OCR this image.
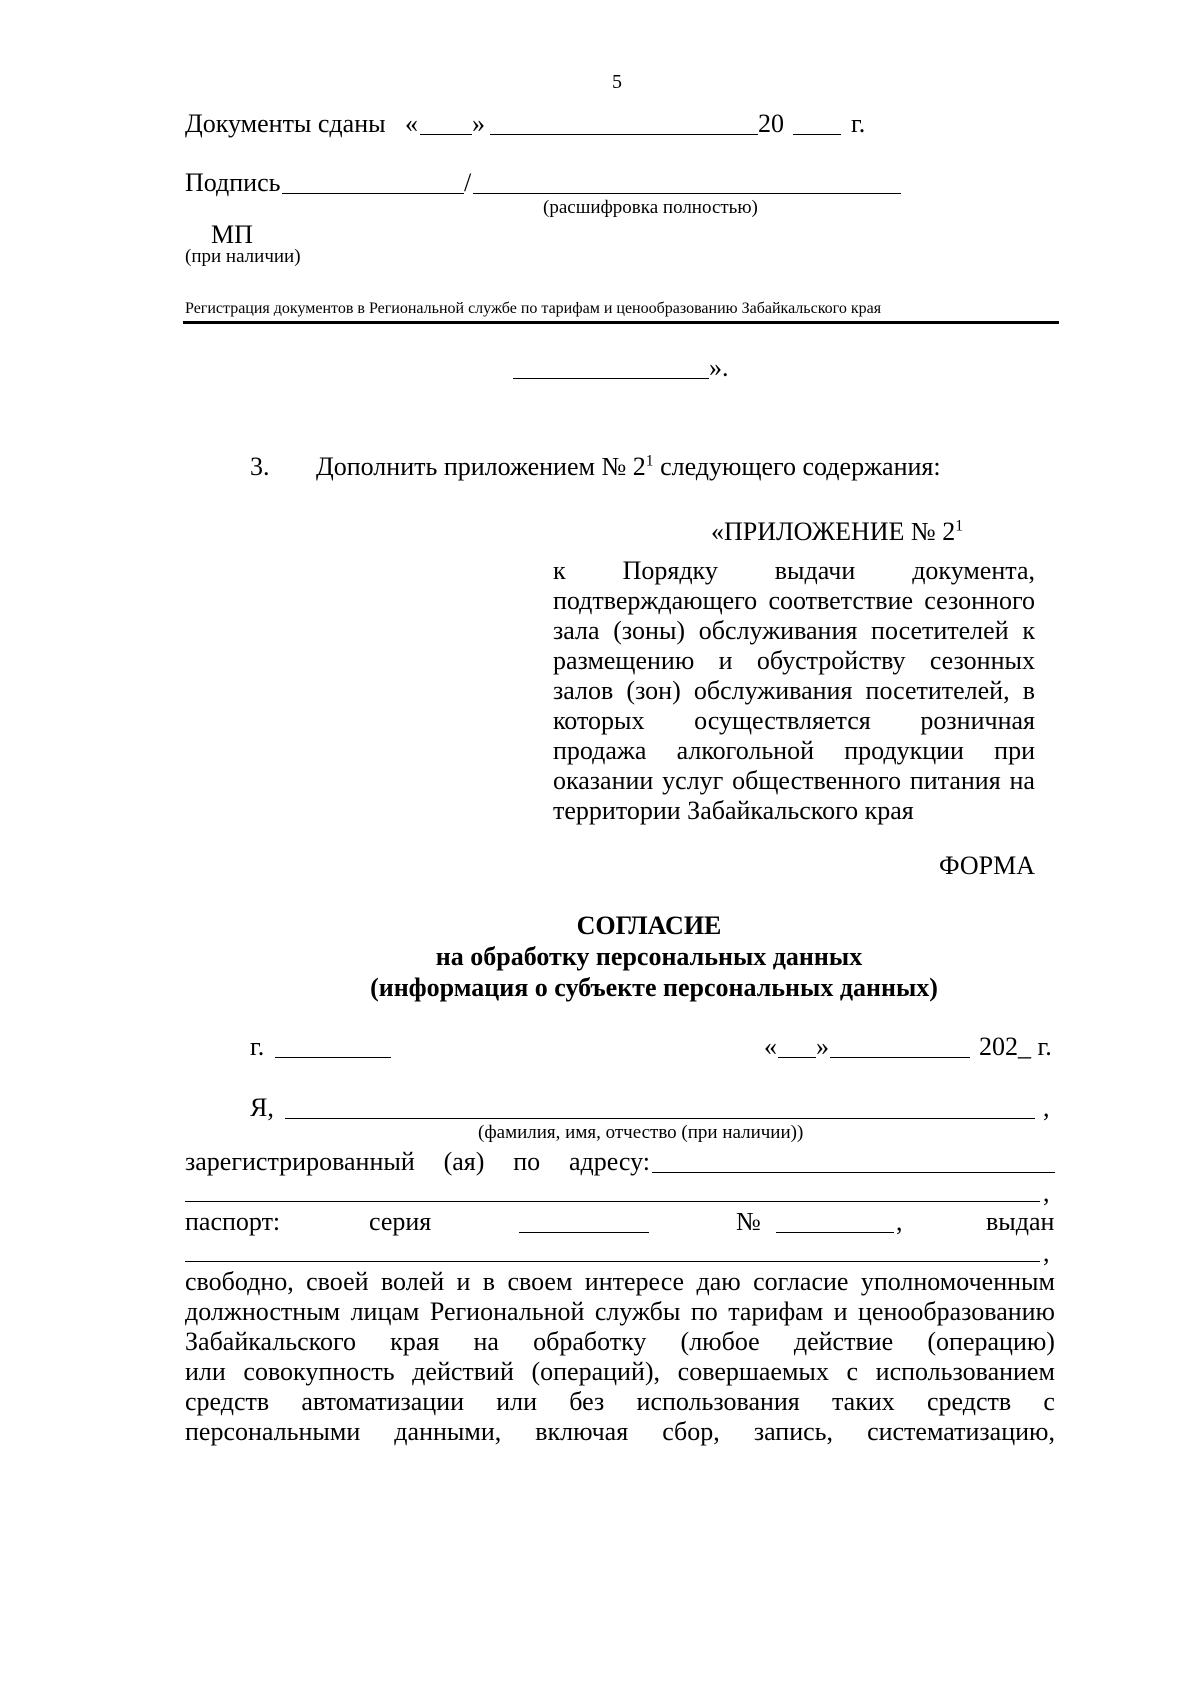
5
Документы сданы « »	20	г.
Подпись	/
(расшифровка полностью)
МП
(при наличии)
Регистрация документов в Региональной службе по тарифам и ценообразованию Забайкальского края
».
3. Дополнить приложением № $2^1$ следующего содержания:
«ПРИЛОЖЕНИЕ № $2^1$
к Порядку выдачи документа,
подтверждающего соответствие сезонного
зала (зоны) обслуживания посетителей к
размещению и обустройству сезонных
залов (зон) обслуживания посетителей, в
которых осуществляется розничная
продажа алкогольной продукции при
оказании услуг общественного питания на
территории Забайкальского края
ФОРМА
СОГЛАСИЕ
на обработку персональных данных
(информация о субъекте персональных данных)
г.	« »	202_ г.
Я,	,
(фамилия, имя, отчество (при наличии))
зарегистрированный (ая) по адресу:
,
паспорт:	серия	№	,	выдан
,
свободно, своей волей и в своем интересе даю согласие уполномоченным
должностным лицам Региональной службы по тарифам и ценообразованию
Забайкальского края на обработку (любое действие (операцию)
или совокупность действий (операций), совершаемых с использованием
средств автоматизации или без использования таких средств с
персональными данными, включая сбор, запись, систематизацию,
